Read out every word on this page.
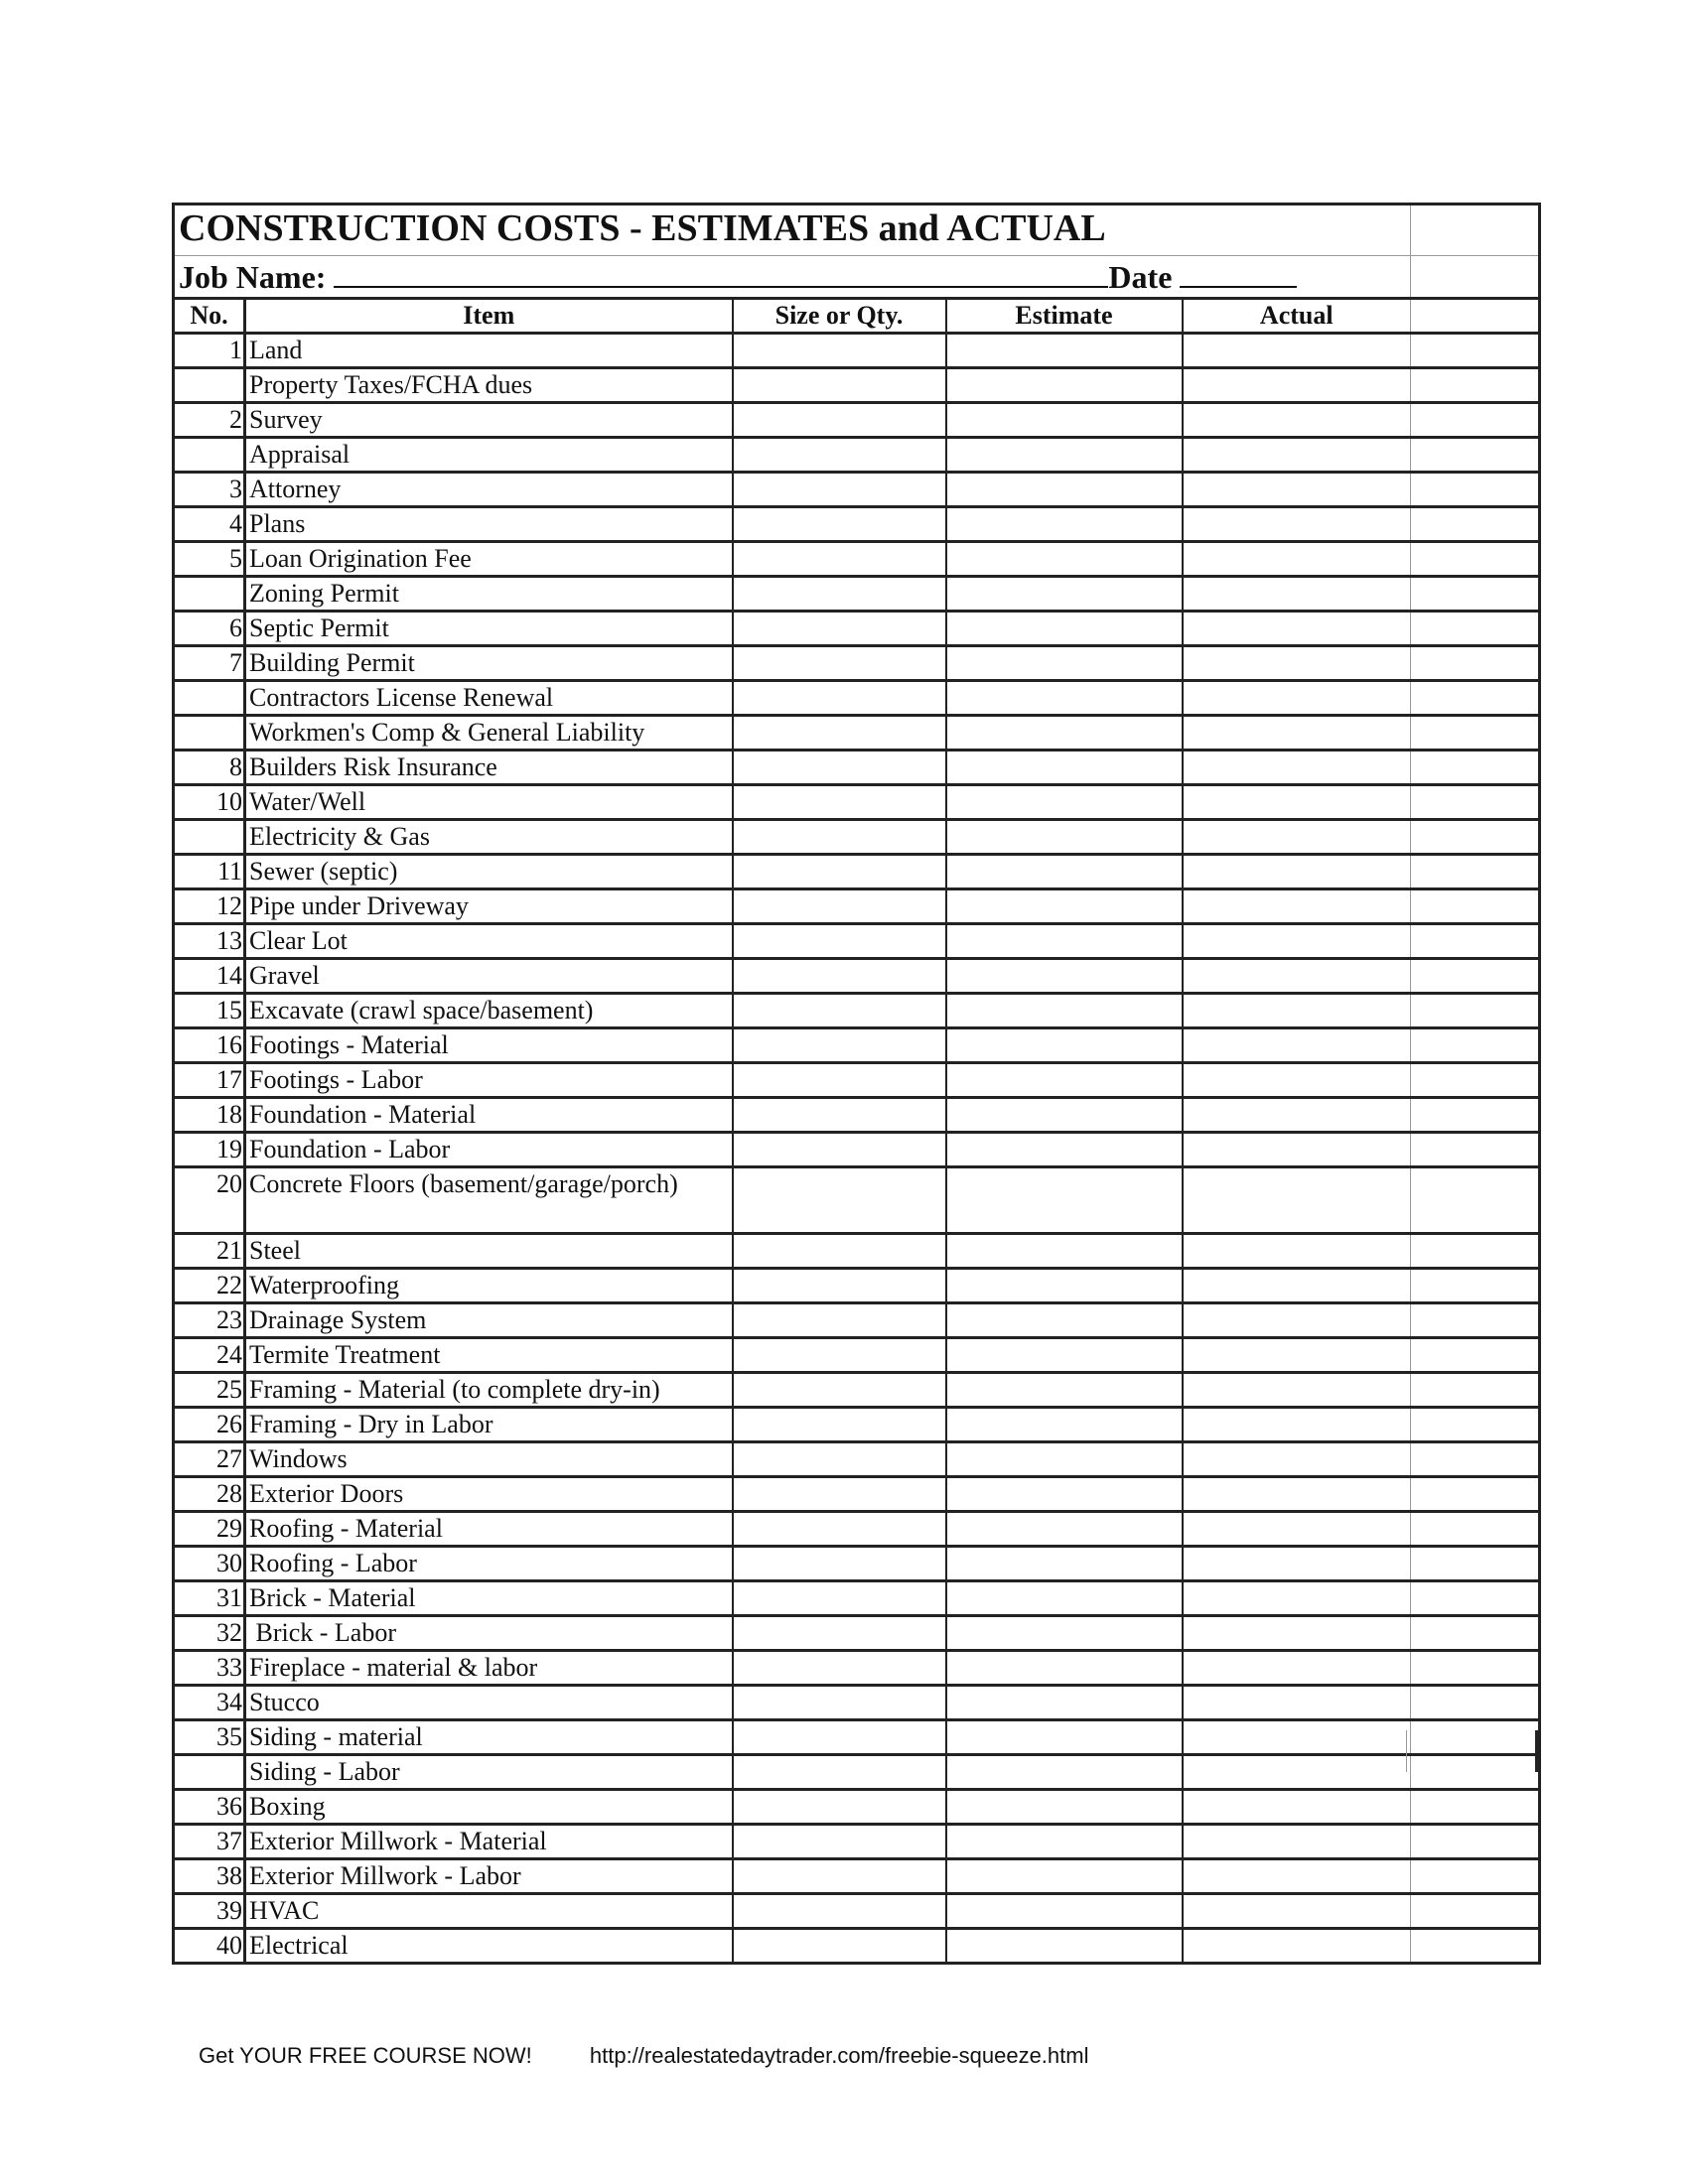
CONSTRUCTION COSTS - ESTIMATES and ACTUAL					
Job Name: Date					
No.	Item	Size or Qty.	Estimate	Actual	
1	Land				
	Property Taxes/FCHA dues				
2	Survey				
	Appraisal				
3	Attorney				
4	Plans				
5	Loan Origination Fee				
	Zoning Permit				
6	Septic Permit				
7	Building Permit				
	Contractors License Renewal				
	Workmen's Comp & General Liability				
8	Builders Risk Insurance				
10	Water/Well				
	Electricity & Gas				
11	Sewer (septic)				
12	Pipe under Driveway				
13	Clear Lot				
14	Gravel				
15	Excavate (crawl space/basement)				
16	Footings - Material				
17	Footings - Labor				
18	Foundation - Material				
19	Foundation - Labor				
20	Concrete Floors (basement/garage/porch)				
21	Steel				
22	Waterproofing				
23	Drainage System				
24	Termite Treatment				
25	Framing - Material (to complete dry-in)				
26	Framing - Dry in Labor				
27	Windows				
28	Exterior Doors				
29	Roofing - Material				
30	Roofing - Labor				
31	Brick - Material				
32	Brick - Labor				
33	Fireplace - material & labor				
34	Stucco				
35	Siding - material				
	Siding - Labor				
36	Boxing				
37	Exterior Millwork - Material				
38	Exterior Millwork - Labor				
39	HVAC				
40	Electrical				
Get YOUR FREE COURSE NOW!	http://realestatedaytrader.com/freebie-squeeze.html
